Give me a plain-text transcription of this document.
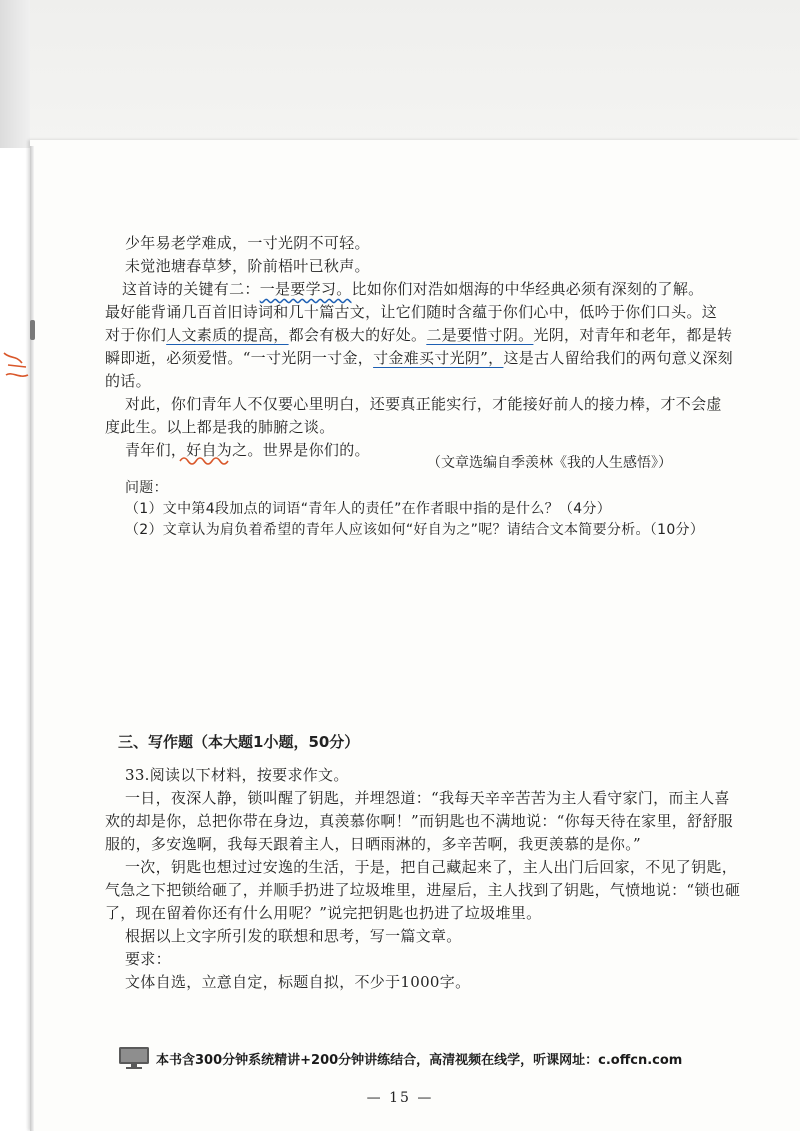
少年易老学难成，一寸光阴不可轻。
未觉池塘春草梦，阶前梧叶已秋声。
这首诗的关键有二：一是要学习。比如你们对浩如烟海的中华经典必须有深刻的了解。
最好能背诵几百首旧诗词和几十篇古文，让它们随时含蕴于你们心中，低吟于你们口头。这
对于你们人文素质的提高，都会有极大的好处。二是要惜寸阴。光阴，对青年和老年，都是转
瞬即逝，必须爱惜。“一寸光阴一寸金，寸金难买寸光阴”，这是古人留给我们的两句意义深刻
的话。
对此，你们青年人不仅要心里明白，还要真正能实行，才能接好前人的接力棒，才不会虚
度此生。以上都是我的肺腑之谈。
青年们，好自为之。世界是你们的。
（文章选编自季羡林《我的人生感悟》）
问题：
（1）文中第4段加点的词语“青年人的责任”在作者眼中指的是什么？（4分）
（2）文章认为肩负着希望的青年人应该如何“好自为之”呢？请结合文本简要分析。（10分）
三、写作题（本大题1小题，50分）
33.阅读以下材料，按要求作文。
一日，夜深人静，锁叫醒了钥匙，并埋怨道：“我每天辛辛苦苦为主人看守家门，而主人喜
欢的却是你，总把你带在身边，真羡慕你啊！”而钥匙也不满地说：“你每天待在家里，舒舒服
服的，多安逸啊，我每天跟着主人，日晒雨淋的，多辛苦啊，我更羡慕的是你。”
一次，钥匙也想过过安逸的生活，于是，把自己藏起来了，主人出门后回家，不见了钥匙，
气急之下把锁给砸了，并顺手扔进了垃圾堆里，进屋后，主人找到了钥匙，气愤地说：“锁也砸
了，现在留着你还有什么用呢？”说完把钥匙也扔进了垃圾堆里。
根据以上文字所引发的联想和思考，写一篇文章。
要求：
文体自选，立意自定，标题自拟，不少于1000字。
本书含300分钟系统精讲+200分钟讲练结合，高清视频在线学，听课网址：c.offcn.com
— 15 —
